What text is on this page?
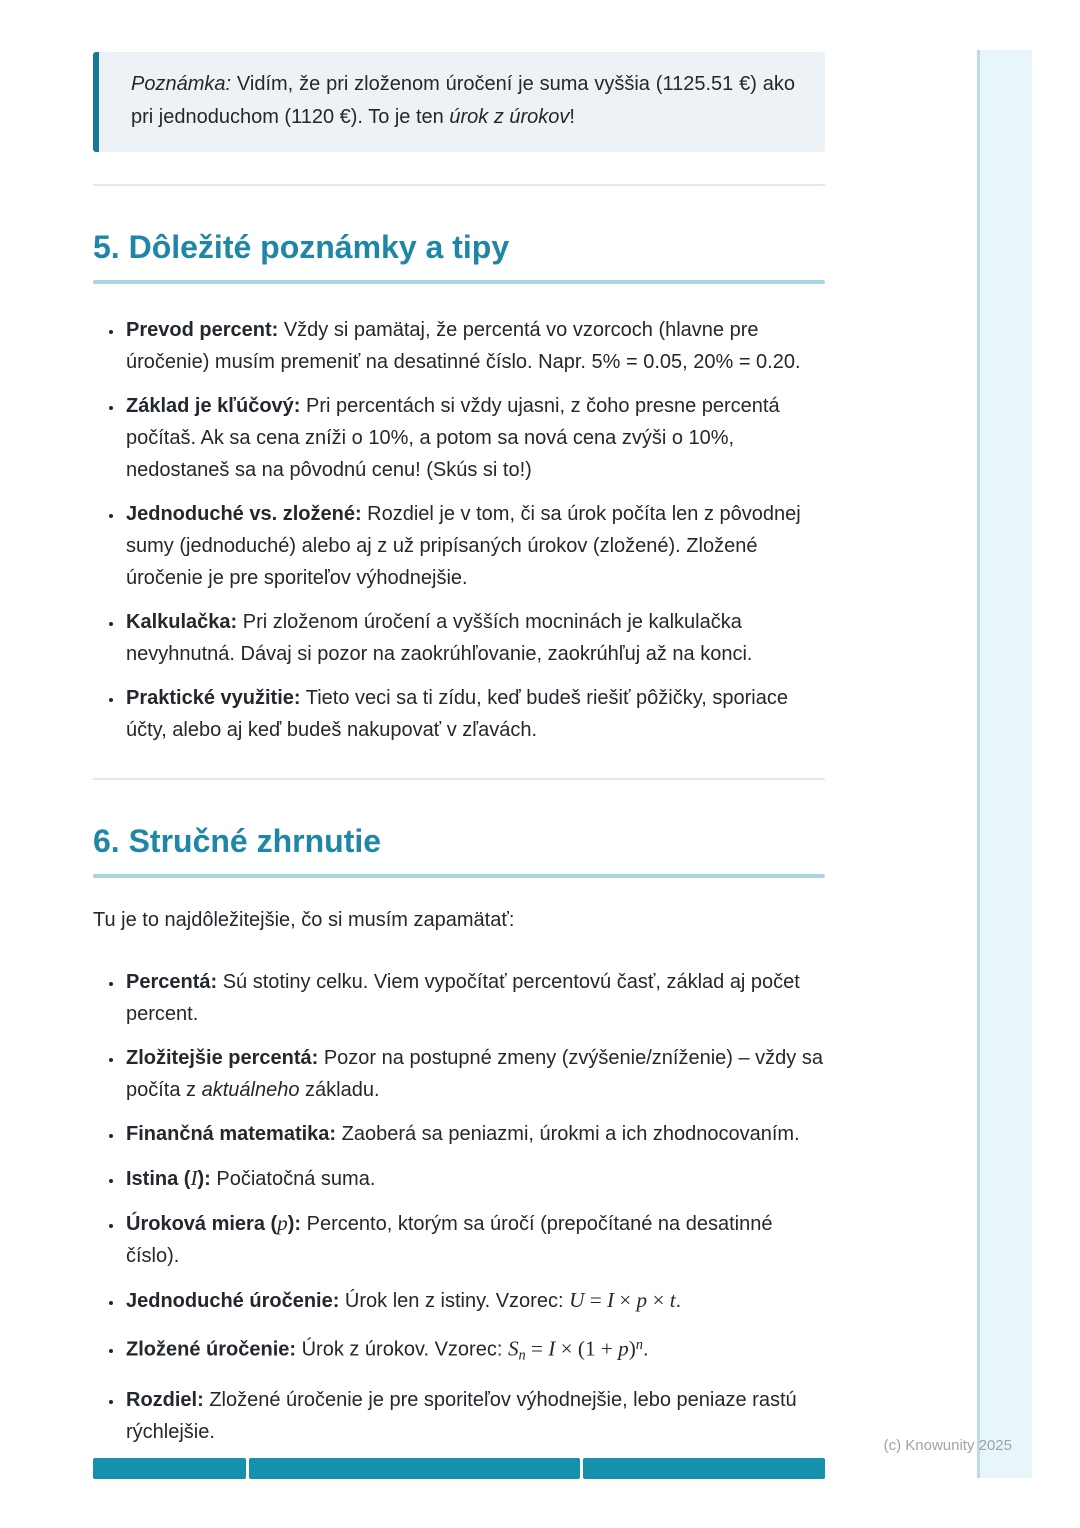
Poznámka: Vidím, že pri zloženom úročení je suma vyššia (1125.51 €) ako pri jednoduchom (1120 €). To je ten úrok z úrokov!

5. Dôležité poznámky a tipy
• Prevod percent: Vždy si pamätaj, že percentá vo vzorcoch (hlavne pre úročenie) musím premeniť na desatinné číslo. Napr. 5% = 0.05, 20% = 0.20.
• Základ je kľúčový: Pri percentách si vždy ujasni, z čoho presne percentá počítaš. Ak sa cena zníži o 10%, a potom sa nová cena zvýši o 10%, nedostaneš sa na pôvodnú cenu! (Skús si to!)
• Jednoduché vs. zložené: Rozdiel je v tom, či sa úrok počíta len z pôvodnej sumy (jednoduché) alebo aj z už pripísaných úrokov (zložené). Zložené úročenie je pre sporiteľov výhodnejšie.
• Kalkulačka: Pri zloženom úročení a vyšších mocninách je kalkulačka nevyhnutná. Dávaj si pozor na zaokrúhľovanie, zaokrúhľuj až na konci.
• Praktické využitie: Tieto veci sa ti zídu, keď budeš riešiť pôžičky, sporiace účty, alebo aj keď budeš nakupovať v zľavách.
6. Stručné zhrnutie

Tu je to najdôležitejšie, čo si musím zapamätať:

• Percentá: Sú stotiny celku. Viem vypočítať percentovú časť, základ aj počet percent.
• Zložitejšie percentá: Pozor na postupné zmeny (zvýšenie/zníženie) – vždy sa počíta z aktuálneho základu.
• Finančná matematika: Zaoberá sa peniazmi, úrokmi a ich zhodnocovaním.
• Istina (I): Počiatočná suma.
• Úroková miera (p): Percento, ktorým sa úročí (prepočítané na desatinné číslo).
• Jednoduché úročenie: Úrok len z istiny. Vzorec: U = I × p × t.
• Zložené úročenie: Úrok z úrokov. Vzorec: $S_n = I \times (1 + p)^n$.
• Rozdiel: Zložené úročenie je pre sporiteľov výhodnejšie, lebo peniaze rastú rýchlejšie.
(c) Knowunity 2025
